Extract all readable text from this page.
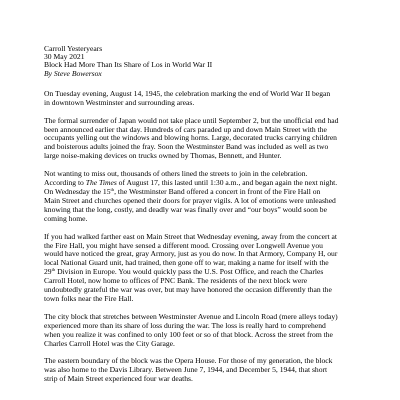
Carroll Yesteryears
30 May 2021
Block Had More Than Its Share of Los in World War II
By Steve Bowersox
On Tuesday evening, August 14, 1945, the celebration marking the end of World War II began
in downtown Westminster and surrounding areas.
The formal surrender of Japan would not take place until September 2, but the unofficial end had
been announced earlier that day. Hundreds of cars paraded up and down Main Street with the
occupants yelling out the windows and blowing horns. Large, decorated trucks carrying children
and boisterous adults joined the fray. Soon the Westminster Band was included as well as two
large noise-making devices on trucks owned by Thomas, Bennett, and Hunter.
Not wanting to miss out, thousands of others lined the streets to join in the celebration.
According to The Times of August 17, this lasted until 1:30 a.m., and began again the next night.
On Wednesday the 15th, the Westminster Band offered a concert in front of the Fire Hall on
Main Street and churches opened their doors for prayer vigils. A lot of emotions were unleashed
knowing that the long, costly, and deadly war was finally over and “our boys” would soon be
coming home.
If you had walked farther east on Main Street that Wednesday evening, away from the concert at
the Fire Hall, you might have sensed a different mood. Crossing over Longwell Avenue you
would have noticed the great, gray Armory, just as you do now. In that Armory, Company H, our
local National Guard unit, had trained, then gone off to war, making a name for itself with the
29th Division in Europe. You would quickly pass the U.S. Post Office, and reach the Charles
Carroll Hotel, now home to offices of PNC Bank. The residents of the next block were
undoubtedly grateful the war was over, but may have honored the occasion differently than the
town folks near the Fire Hall.
The city block that stretches between Westminster Avenue and Lincoln Road (mere alleys today)
experienced more than its share of loss during the war. The loss is really hard to comprehend
when you realize it was confined to only 100 feet or so of that block. Across the street from the
Charles Carroll Hotel was the City Garage.
The eastern boundary of the block was the Opera House. For those of my generation, the block
was also home to the Davis Library. Between June 7, 1944, and December 5, 1944, that short
strip of Main Street experienced four war deaths.
